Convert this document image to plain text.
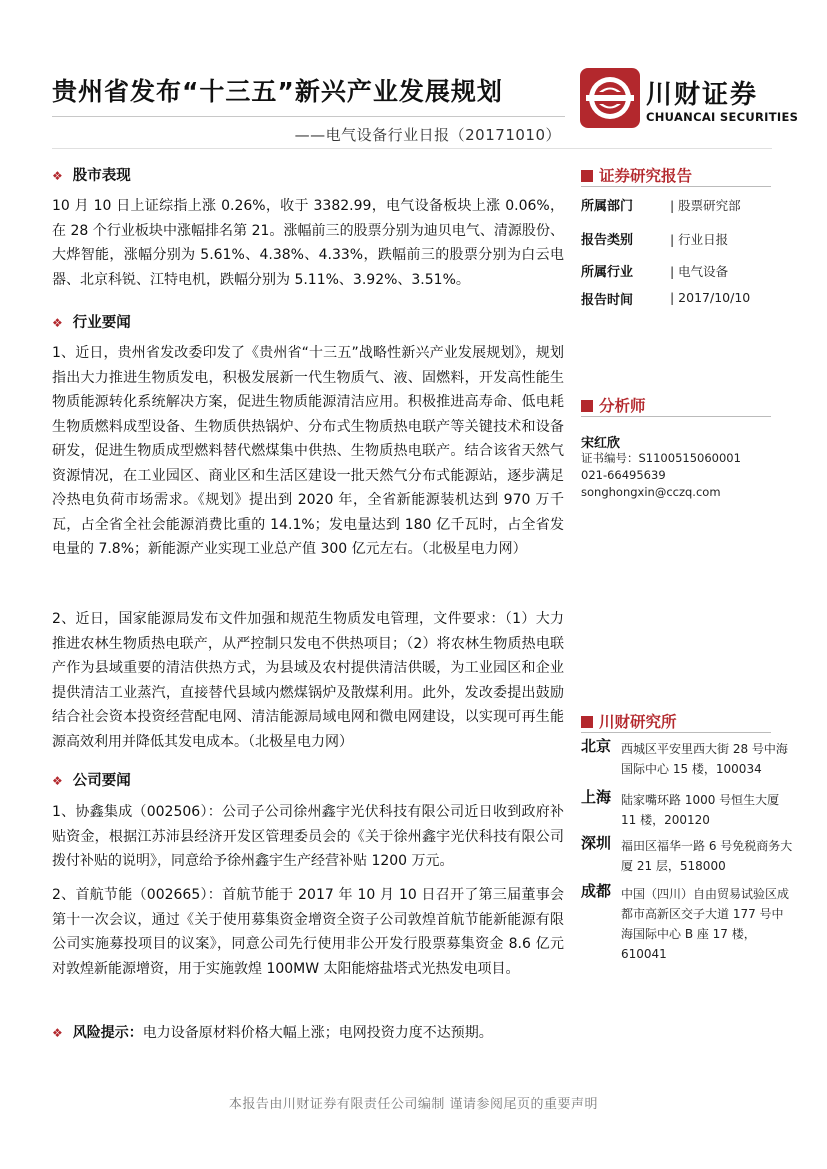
贵州省发布“十三五”新兴产业发展规划
——电气设备行业日报（20171010）
川财证券
CHUANCAI SECURITIES
❖ 股市表现
10 月 10 日上证综指上涨 0.26%，收于 3382.99，电气设备板块上涨 0.06%，在 28 个行业板块中涨幅排名第 21。涨幅前三的股票分别为迪贝电气、清源股份、大烨智能，涨幅分别为 5.61%、4.38%、4.33%，跌幅前三的股票分别为白云电器、北京科锐、江特电机，跌幅分别为 5.11%、3.92%、3.51%。
❖ 行业要闻
1、近日，贵州省发改委印发了《贵州省“十三五”战略性新兴产业发展规划》，规划指出大力推进生物质发电，积极发展新一代生物质气、液、固燃料，开发高性能生物质能源转化系统解决方案，促进生物质能源清洁应用。积极推进高寿命、低电耗生物质燃料成型设备、生物质供热锅炉、分布式生物质热电联产等关键技术和设备研发，促进生物质成型燃料替代燃煤集中供热、生物质热电联产。结合该省天然气资源情况，在工业园区、商业区和生活区建设一批天然气分布式能源站，逐步满足冷热电负荷市场需求。《规划》提出到 2020 年，全省新能源装机达到 970 万千瓦，占全省全社会能源消费比重的 14.1%；发电量达到 180 亿千瓦时，占全省发电量的 7.8%；新能源产业实现工业总产值 300 亿元左右。（北极星电力网）
2、近日，国家能源局发布文件加强和规范生物质发电管理，文件要求：（1）大力推进农林生物质热电联产，从严控制只发电不供热项目；（2）将农林生物质热电联产作为县域重要的清洁供热方式，为县域及农村提供清洁供暖，为工业园区和企业提供清洁工业蒸汽，直接替代县域内燃煤锅炉及散煤利用。此外，发改委提出鼓励结合社会资本投资经营配电网、清洁能源局域电网和微电网建设，以实现可再生能源高效利用并降低其发电成本。（北极星电力网）
❖ 公司要闻
1、协鑫集成（002506）：公司子公司徐州鑫宇光伏科技有限公司近日收到政府补贴资金，根据江苏沛县经济开发区管理委员会的《关于徐州鑫宇光伏科技有限公司拨付补贴的说明》，同意给予徐州鑫宇生产经营补贴 1200 万元。
2、首航节能（002665）：首航节能于 2017 年 10 月 10 日召开了第三届董事会第十一次会议，通过《关于使用募集资金增资全资子公司敦煌首航节能新能源有限公司实施募投项目的议案》，同意公司先行使用非公开发行股票募集资金 8.6 亿元对敦煌新能源增资，用于实施敦煌 100MW 太阳能熔盐塔式光热发电项目。
❖ 风险提示：电力设备原材料价格大幅上涨；电网投资力度不达预期。
证券研究报告
所属部门	| 股票研究部
报告类别	| 行业日报
所属行业	| 电气设备
报告时间	| 2017/10/10
分析师
宋红欣
证书编号：S1100515060001
021-66495639
songhongxin@cczq.com
川财研究所
北京 西城区平安里西大街 28 号中海国际中心 15 楼，100034
上海 陆家嘴环路 1000 号恒生大厦 11 楼，200120
深圳 福田区福华一路 6 号免税商务大厦 21 层，518000
成都 中国（四川）自由贸易试验区成都市高新区交子大道 177 号中海国际中心 B 座 17 楼，610041
本报告由川财证券有限责任公司编制 谨请参阅尾页的重要声明
